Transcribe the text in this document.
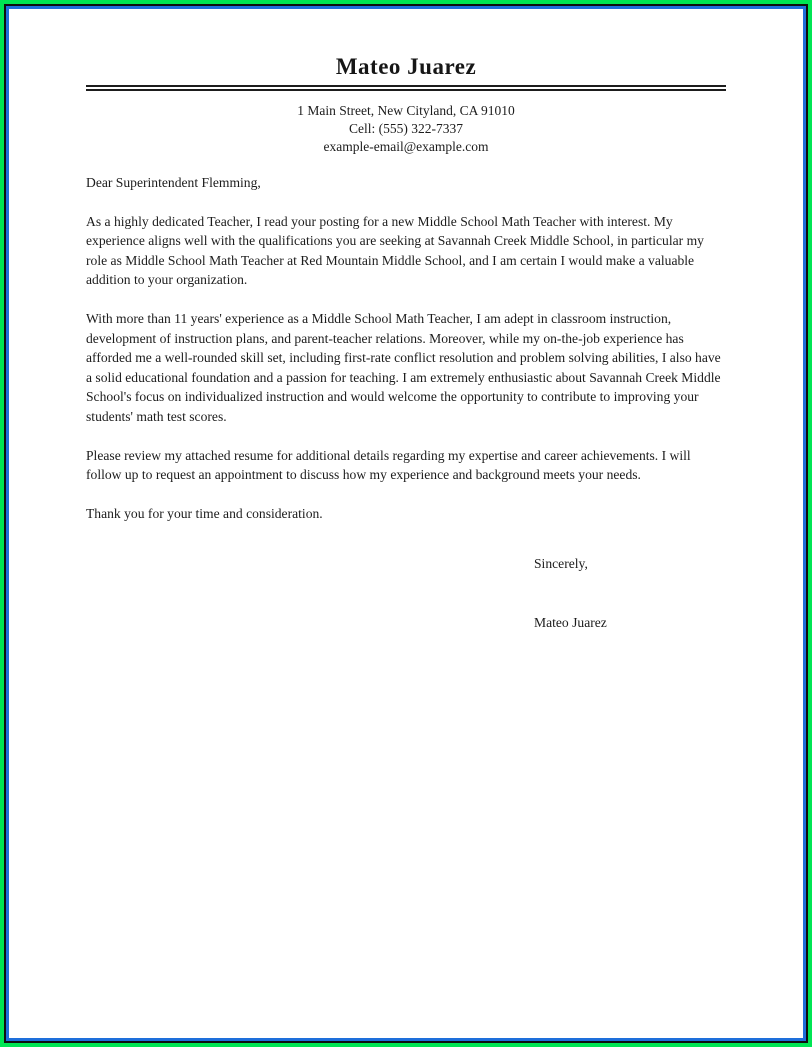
Mateo Juarez
1 Main Street, New Cityland, CA 91010
Cell: (555) 322-7337
example-email@example.com
Dear Superintendent Flemming,

As a highly dedicated Teacher, I read your posting for a new Middle School Math Teacher with interest. My experience aligns well with the qualifications you are seeking at Savannah Creek Middle School, in particular my role as Middle School Math Teacher at Red Mountain Middle School, and I am certain I would make a valuable addition to your organization.

With more than 11 years' experience as a Middle School Math Teacher, I am adept in classroom instruction, development of instruction plans, and parent-teacher relations. Moreover, while my on-the-job experience has afforded me a well-rounded skill set, including first-rate conflict resolution and problem solving abilities, I also have a solid educational foundation and a passion for teaching. I am extremely enthusiastic about Savannah Creek Middle School's focus on individualized instruction and would welcome the opportunity to contribute to improving your students' math test scores.

Please review my attached resume for additional details regarding my expertise and career achievements. I will follow up to request an appointment to discuss how my experience and background meets your needs.

Thank you for your time and consideration.

Sincerely,
Mateo Juarez
